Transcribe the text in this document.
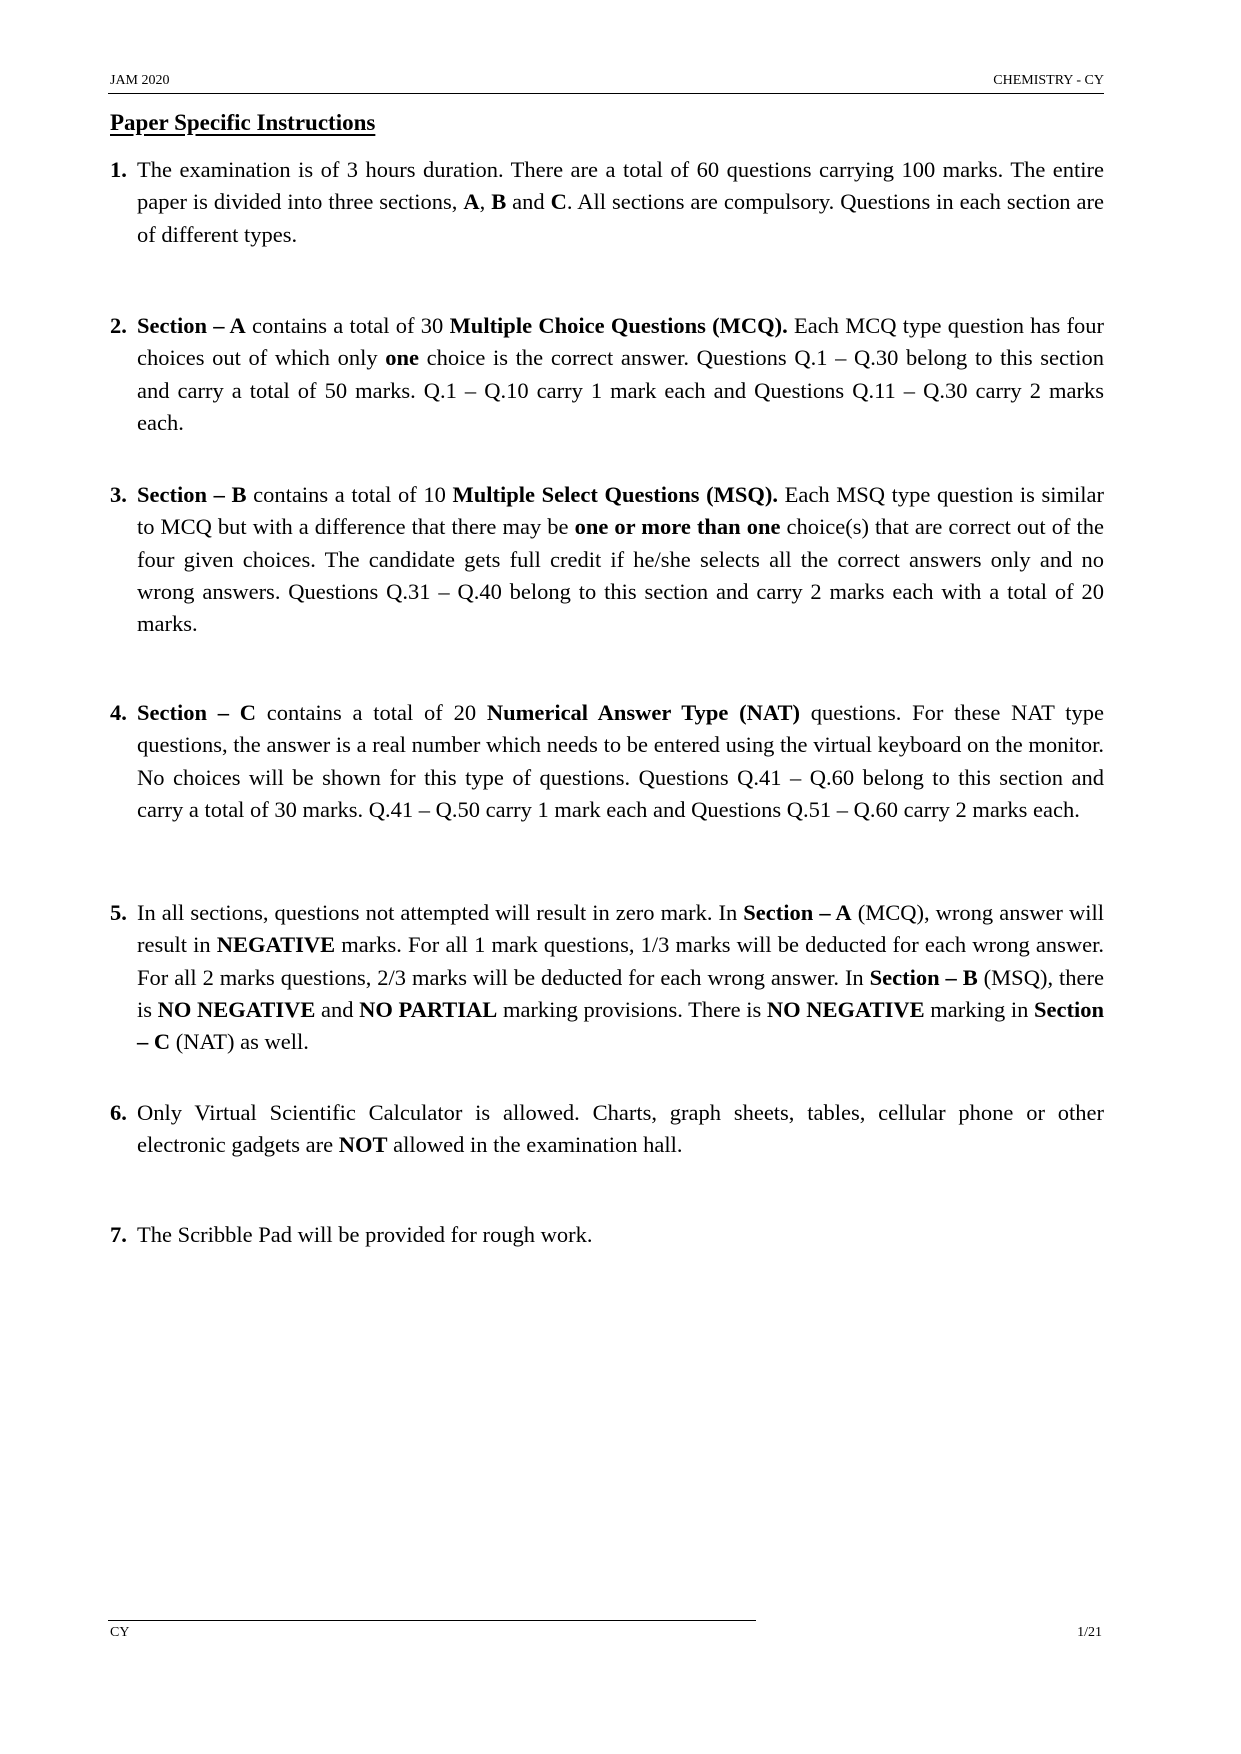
JAM 2020	CHEMISTRY - CY
Paper Specific Instructions
1. The examination is of 3 hours duration. There are a total of 60 questions carrying 100 marks. The entire paper is divided into three sections, A, B and C. All sections are compulsory. Questions in each section are of different types.

2. Section – A contains a total of 30 Multiple Choice Questions (MCQ). Each MCQ type question has four choices out of which only one choice is the correct answer. Questions Q.1 – Q.30 belong to this section and carry a total of 50 marks. Q.1 – Q.10 carry 1 mark each and Questions Q.11 – Q.30 carry 2 marks each.

3. Section – B contains a total of 10 Multiple Select Questions (MSQ). Each MSQ type question is similar to MCQ but with a difference that there may be one or more than one choice(s) that are correct out of the four given choices. The candidate gets full credit if he/she selects all the correct answers only and no wrong answers. Questions Q.31 – Q.40 belong to this section and carry 2 marks each with a total of 20 marks.

4. Section – C contains a total of 20 Numerical Answer Type (NAT) questions. For these NAT type questions, the answer is a real number which needs to be entered using the virtual keyboard on the monitor. No choices will be shown for this type of questions. Questions Q.41 – Q.60 belong to this section and carry a total of 30 marks. Q.41 – Q.50 carry 1 mark each and Questions Q.51 – Q.60 carry 2 marks each.

5. In all sections, questions not attempted will result in zero mark. In Section – A (MCQ), wrong answer will result in NEGATIVE marks. For all 1 mark questions, 1/3 marks will be deducted for each wrong answer. For all 2 marks questions, 2/3 marks will be deducted for each wrong answer. In Section – B (MSQ), there is NO NEGATIVE and NO PARTIAL marking provisions. There is NO NEGATIVE marking in Section – C (NAT) as well.

6. Only Virtual Scientific Calculator is allowed. Charts, graph sheets, tables, cellular phone or other electronic gadgets are NOT allowed in the examination hall.

7. The Scribble Pad will be provided for rough work.

CY	1/21
